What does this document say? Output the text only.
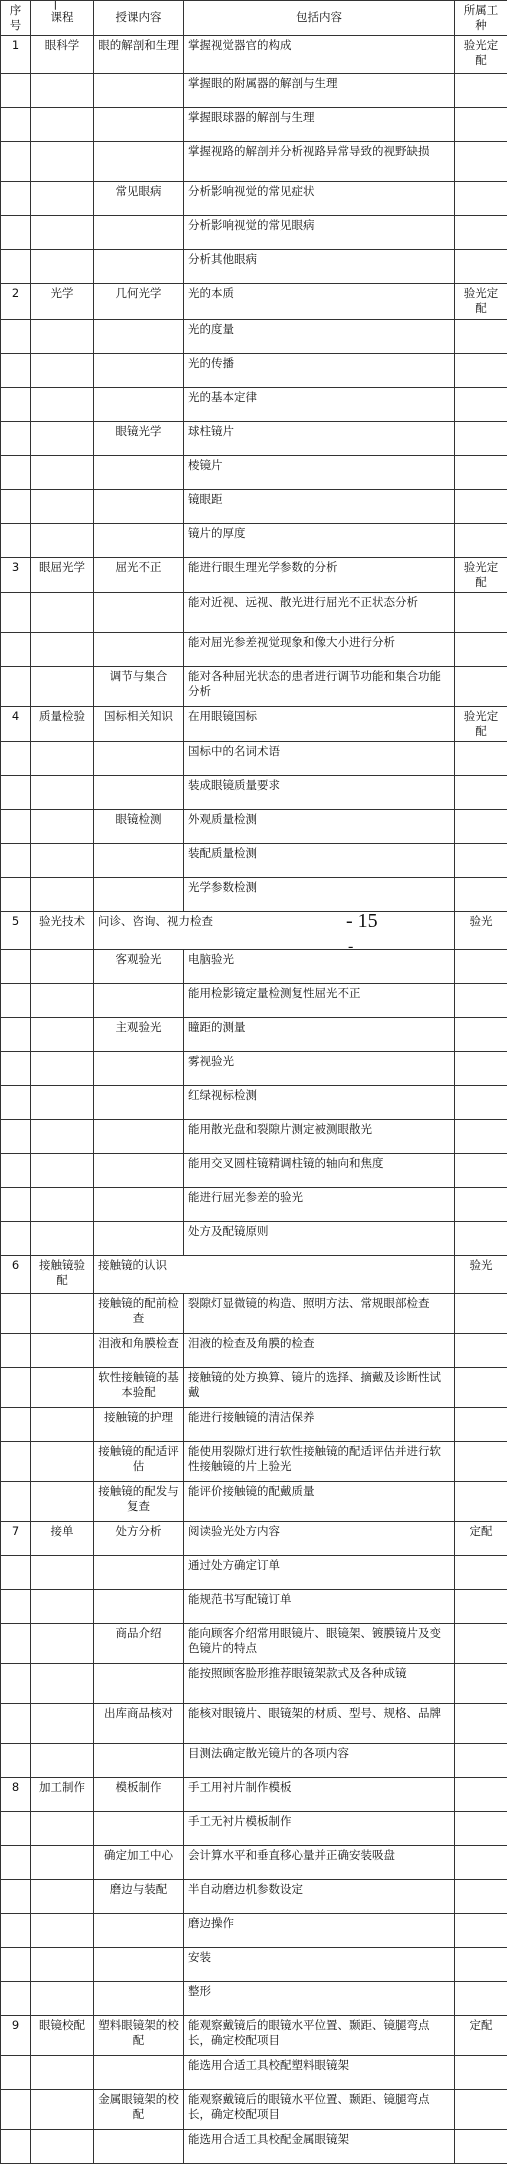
‾|‾
序号	课程	授课内容	包括内容	所属工种
1	眼科学	眼的解剖和生理	掌握视觉器官的构成	验光定配
			掌握眼的附属器的解剖与生理	
			掌握眼球器的解剖与生理	
			掌握视路的解剖并分析视路异常导致的视野缺损	
		常见眼病	分析影响视觉的常见症状	
			分析影响视觉的常见眼病	
			分析其他眼病	
2	光学	几何光学	光的本质	验光定配
			光的度量	
			光的传播	
			光的基本定律	
		眼镜光学	球柱镜片	
			棱镜片	
			镜眼距	
			镜片的厚度	
3	眼屈光学	屈光不正	能进行眼生理光学参数的分析	验光定配
			能对近视、远视、散光进行屈光不正状态分析	
			能对屈光参差视觉现象和像大小进行分析	
		调节与集合	能对各种屈光状态的患者进行调节功能和集合功能分析	
4	质量检验	国标相关知识	在用眼镜国标	验光定配
			国标中的名词术语	
			装成眼镜质量要求	
		眼镜检测	外观质量检测	
			装配质量检测	
			光学参数检测	
5	验光技术	问诊、咨询、视力检查		验光
		客观验光	电脑验光	
			能用检影镜定量检测复性屈光不正	
		主观验光	瞳距的测量	
			雾视验光	
			红绿视标检测	
			能用散光盘和裂隙片测定被测眼散光	
			能用交叉圆柱镜精调柱镜的轴向和焦度	
			能进行屈光参差的验光	
			处方及配镜原则	
6	接触镜验配	接触镜的认识		验光
		接触镜的配前检查	裂隙灯显微镜的构造、照明方法、常规眼部检查	
		泪液和角膜检查	泪液的检查及角膜的检查	
		软性接触镜的基本验配	接触镜的处方换算、镜片的选择、摘戴及诊断性试戴	
		接触镜的护理	能进行接触镜的清洁保养	
		接触镜的配适评估	能使用裂隙灯进行软性接触镜的配适评估并进行软性接触镜的片上验光	
		接触镜的配发与复查	能评价接触镜的配戴质量	
7	接单	处方分析	阅读验光处方内容	定配
			通过处方确定订单	
			能规范书写配镜订单	
		商品介绍	能向顾客介绍常用眼镜片、眼镜架、镀膜镜片及变色镜片的特点	
			能按照顾客脸形推荐眼镜架款式及各种成镜	
		出库商品核对	能核对眼镜片、眼镜架的材质、型号、规格、品牌	
			目测法确定散光镜片的各项内容	
8	加工制作	模板制作	手工用衬片制作模板	
			手工无衬片模板制作	
		确定加工中心	会计算水平和垂直移心量并正确安装吸盘	
		磨边与装配	半自动磨边机参数设定	
			磨边操作	
			安装	
			整形	
9	眼镜校配	塑料眼镜架的校配	能观察戴镜后的眼镜水平位置、颞距、镜腿弯点长，确定校配项目	定配
			能选用合适工具校配塑料眼镜架	
		金属眼镜架的校配	能观察戴镜后的眼镜水平位置、颞距、镜腿弯点长，确定校配项目	
			能选用合适工具校配金属眼镜架	
- 15
-
